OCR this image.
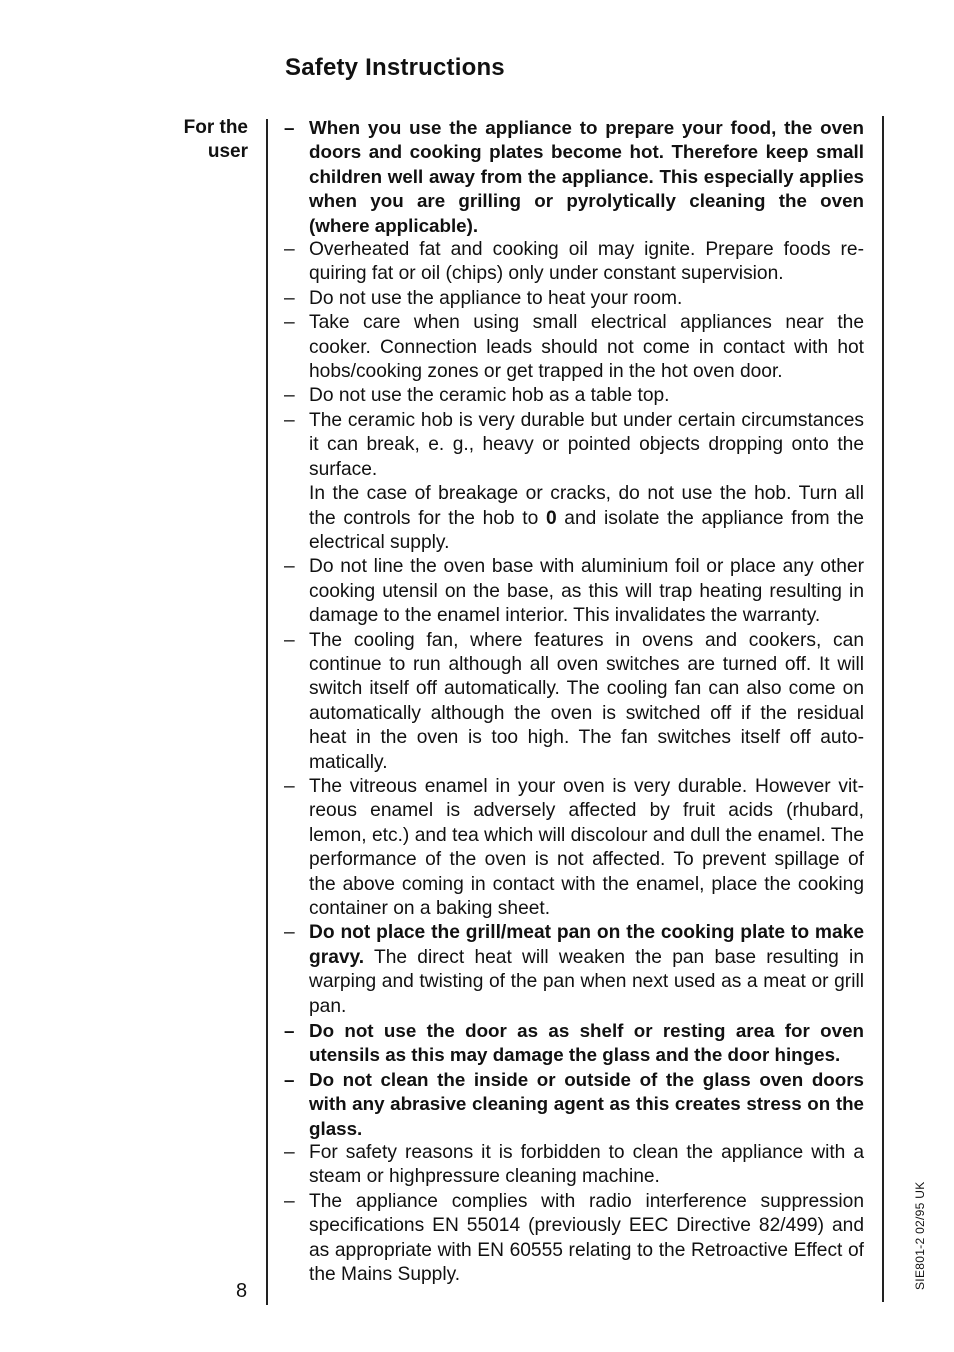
Safety Instructions
For the
user
– When you use the appliance to prepare your food, the oven doors and cooking plates become hot. Therefore keep small children well away from the appliance. This especially applies when you are grilling or pyrolytically cleaning the oven (where applicable).
– Overheated fat and cooking oil may ignite. Prepare foods requiring fat or oil (chips) only under constant supervision.
– Do not use the appliance to heat your room.
– Take care when using small electrical appliances near the cooker. Connection leads should not come in contact with hot hobs/cooking zones or get trapped in the hot oven door.
– Do not use the ceramic hob as a table top.
– The ceramic hob is very durable but under certain circumstances it can break, e. g., heavy or pointed objects dropping onto the surface.
In the case of breakage or cracks, do not use the hob. Turn all the controls for the hob to 0 and isolate the appliance from the electrical supply.
– Do not line the oven base with aluminium foil or place any other cooking utensil on the base, as this will trap heating resulting in damage to the enamel interior. This invalidates the warranty.
– The cooling fan, where features in ovens and cookers, can continue to run although all oven switches are turned off. It will switch itself off automatically. The cooling fan can also come on automatically although the oven is switched off if the residual heat in the oven is too high. The fan switches itself off automatically.
– The vitreous enamel in your oven is very durable. However vitreous enamel is adversely affected by fruit acids (rhubard, lemon, etc.) and tea which will discolour and dull the enamel. The performance of the oven is not affected. To prevent spillage of the above coming in contact with the enamel, place the cooking container on a baking sheet.
– Do not place the grill/meat pan on the cooking plate to make gravy. The direct heat will weaken the pan base resulting in warping and twisting of the pan when next used as a meat or grill pan.
– Do not use the door as as shelf or resting area for oven utensils as this may damage the glass and the door hinges.
– Do not clean the inside or outside of the glass oven doors with any abrasive cleaning agent as this creates stress on the glass.
– For safety reasons it is forbidden to clean the appliance with a steam or highpressure cleaning machine.
– The appliance complies with radio interference suppression specifications EN 55014 (previously EEC Directive 82/499) and as appropriate with EN 60555 relating to the Retroactive Effect of the Mains Supply.
8
SIE801-2 02/95 UK
